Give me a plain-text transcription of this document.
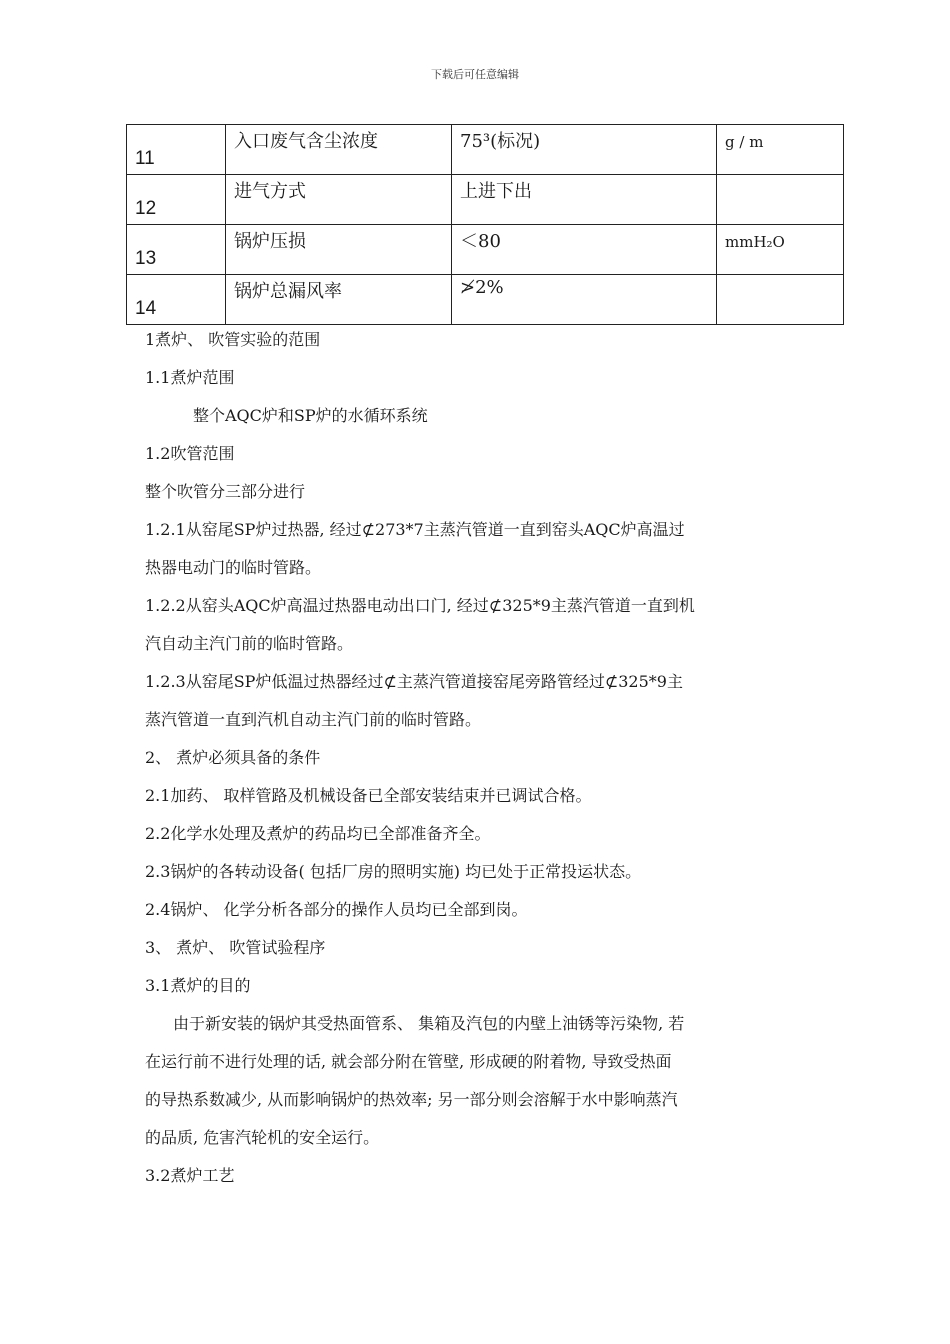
下载后可任意编辑
11	入口废气含尘浓度	75³(标况)	g / m
12	进气方式	上进下出	
13	锅炉压损	＜80	mmH₂O
14	锅炉总漏风率	≯2%	
1煮炉、 吹管实验的范围
1.1煮炉范围
整个AQC炉和SP炉的水循环系统
1.2吹管范围
整个吹管分三部分进行
1.2.1从窑尾SP炉过热器, 经过⊄273*7主蒸汽管道一直到窑头AQC炉高温过
热器电动门的临时管路。
1.2.2从窑头AQC炉高温过热器电动出口门, 经过⊄325*9主蒸汽管道一直到机
汽自动主汽门前的临时管路。
1.2.3从窑尾SP炉低温过热器经过⊄主蒸汽管道接窑尾旁路管经过⊄325*9主
蒸汽管道一直到汽机自动主汽门前的临时管路。
2、 煮炉必须具备的条件
2.1加药、 取样管路及机械设备已全部安装结束并已调试合格。
2.2化学水处理及煮炉的药品均已全部准备齐全。
2.3锅炉的各转动设备( 包括厂房的照明实施) 均已处于正常投运状态。
2.4锅炉、 化学分析各部分的操作人员均已全部到岗。
3、 煮炉、 吹管试验程序
3.1煮炉的目的
由于新安装的锅炉其受热面管系、 集箱及汽包的内壁上油锈等污染物, 若
在运行前不进行处理的话, 就会部分附在管壁, 形成硬的附着物, 导致受热面
的导热系数减少, 从而影响锅炉的热效率; 另一部分则会溶解于水中影响蒸汽
的品质, 危害汽轮机的安全运行。
3.2煮炉工艺
